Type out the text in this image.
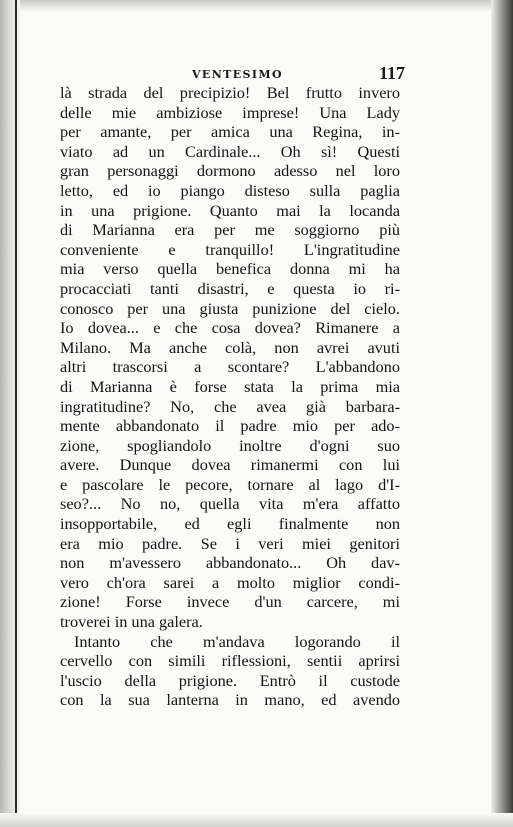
VENTESIMO	117
là strada del precipizio! Bel frutto invero
delle mie ambiziose imprese! Una Lady
per amante, per amica una Regina, in-
viato ad un Cardinale... Oh sì! Questi
gran personaggi dormono adesso nel loro
letto, ed io piango disteso sulla paglia
in una prigione. Quanto mai la locanda
di Marianna era per me soggiorno più
conveniente e tranquillo! L'ingratitudine
mia verso quella benefica donna mi ha
procacciati tanti disastri, e questa io ri-
conosco per una giusta punizione del cielo.
Io dovea... e che cosa dovea? Rimanere a
Milano. Ma anche colà, non avrei avuti
altri trascorsi a scontare? L'abbandono
di Marianna è forse stata la prima mia
ingratitudine? No, che avea già barbara-
mente abbandonato il padre mio per ado-
zione, spogliandolo inoltre d'ogni suo
avere. Dunque dovea rimanermi con lui
e pascolare le pecore, tornare al lago d'I-
seo?... No no, quella vita m'era affatto
insopportabile, ed egli finalmente non
era mio padre. Se i veri miei genitori
non m'avessero abbandonato... Oh dav-
vero ch'ora sarei a molto miglior condi-
zione! Forse invece d'un carcere, mi
troverei in una galera.
Intanto che m'andava logorando il
cervello con simili riflessioni, sentii aprirsi
l'uscio della prigione. Entrò il custode
con la sua lanterna in mano, ed avendo
